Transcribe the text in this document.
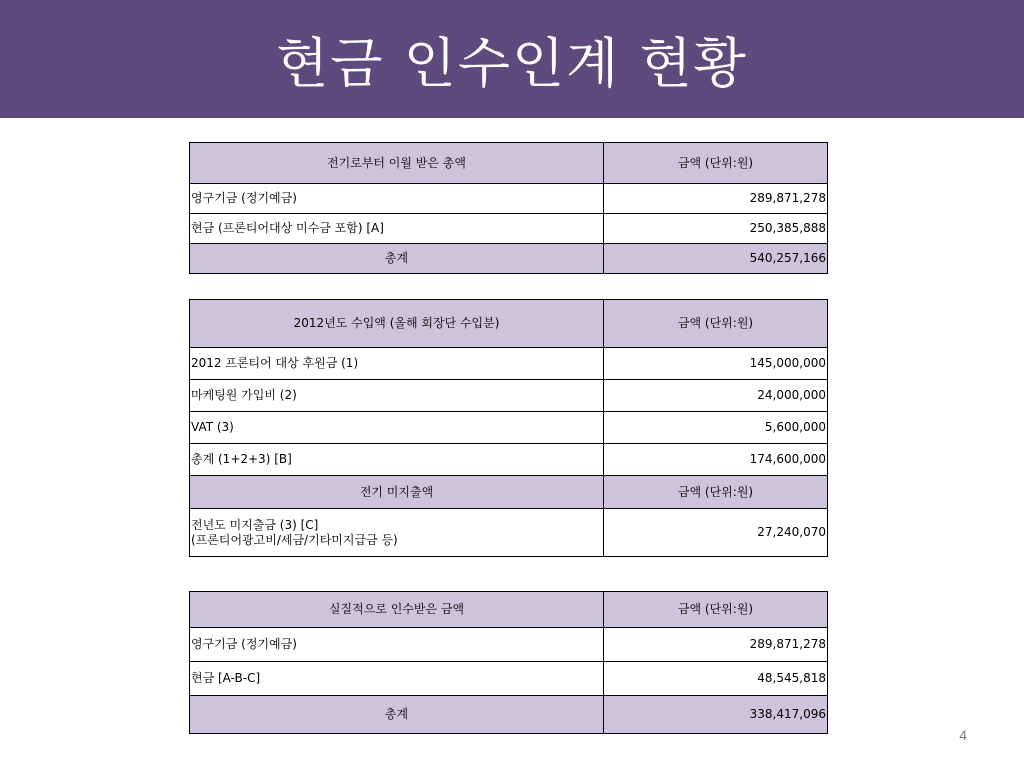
현금 인수인계 현황
전기로부터 이월 받은 총액	금액 (단위:원)
영구기금 (정기예금)	289,871,278
현금 (프론티어대상 미수금 포함) [A]	250,385,888
총계	540,257,166
2012년도 수입액 (올해 회장단 수입분)	금액 (단위:원)
2012 프론티어 대상 후원금 (1)	145,000,000
마케팅원 가입비 (2)	24,000,000
VAT (3)	5,600,000
총계 (1+2+3) [B]	174,600,000
전기 미지출액	금액 (단위:원)

전년도 미지출금 (3) [C]
(프론티어광고비/세금/기타미지급금 등)	27,240,070
실질적으로 인수받은 금액	금액 (단위:원)
영구기금 (정기예금)	289,871,278
현금 [A-B-C]	48,545,818
총계	338,417,096
4
